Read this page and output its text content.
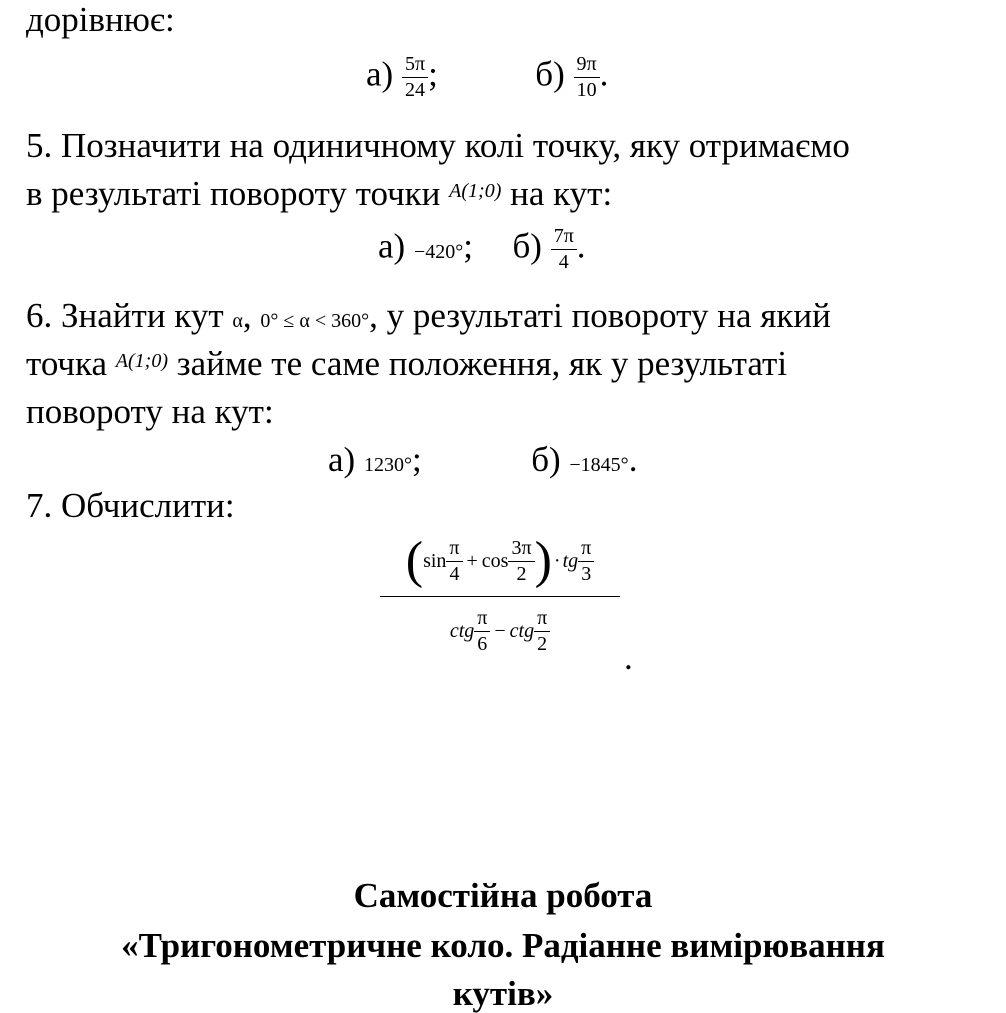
дорівнює:
$а) \frac{5\pi}{24}$ ;	$б) \frac{9\pi}{10}$ .
5. Позначити на одиничному колі точку, яку отримаємо
в результаті повороту точки $^{A(1;0)}$ на кут:
а) −420°; $б) \frac{7\pi}{4}$ .
6. Знайти кут α, 0° ≤ α < 360°, у результаті повороту на який
точка $^{A(1;0)}$ займе те саме положення, як у результаті
повороту на кут:
а) 1230°;	б) −1845°.
7. Обчислити:
( $\sin \frac{\pi}{4} + \cos \frac{3\pi}{2}$ ) · tg $\frac{\pi}{3}$
ctg $\frac{\pi}{6}$ − ctg $\frac{\pi}{2}$
.
Самостійна робота
«Тригонометричне коло. Радіанне вимірювання
кутів»
